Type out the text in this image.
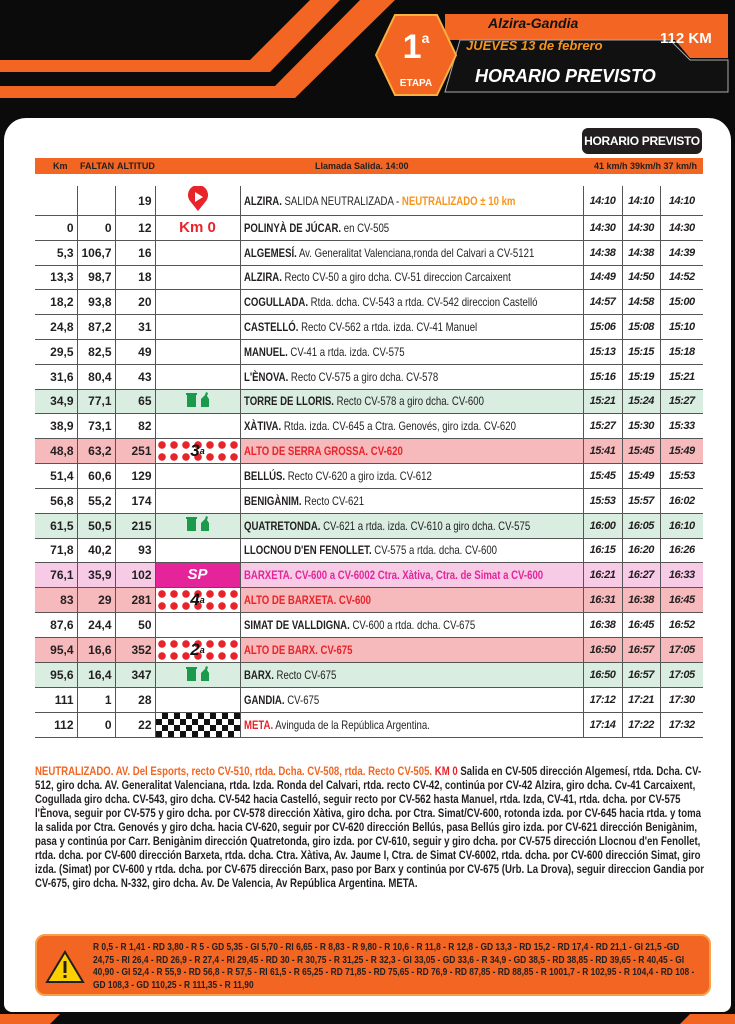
1$^a$
ETAPA
Alzira-Gandia
JUEVES 13 de febrero	112 KM
HORARIO PREVISTO
HORARIO PREVISTO
Km FALTAN ALTITUD	Llamada Salida. 14:00	41 km/h 39km/h 37 km/h
		19		ALZIRA. SALIDA NEUTRALIZADA - NEUTRALIZADO ± 10 km	14:10	14:10	14:10
0	0	12	Km 0	POLINYÀ DE JÚCAR. en CV-505	14:30	14:30	14:30
5,3	106,7	16		ALGEMESÍ. Av. Generalitat Valenciana,ronda del Calvari a CV-5121	14:38	14:38	14:39
13,3	98,7	18		ALZIRA. Recto CV-50 a giro dcha. CV-51 direccion Carcaixent	14:49	14:50	14:52
18,2	93,8	20		COGULLADA. Rtda. dcha. CV-543 a rtda. CV-542 direccion Castelló	14:57	14:58	15:00
24,8	87,2	31		CASTELLÓ. Recto CV-562 a rtda. izda. CV-41 Manuel	15:06	15:08	15:10
29,5	82,5	49		MANUEL. CV-41 a rtda. izda. CV-575	15:13	15:15	15:18
31,6	80,4	43		L'ÈNOVA. Recto CV-575 a giro dcha. CV-578	15:16	15:19	15:21
34,9	77,1	65		TORRE DE LLORIS. Recto CV-578 a giro dcha. CV-600	15:21	15:24	15:27
38,9	73,1	82		XÀTIVA. Rtda. izda. CV-645 a Ctra. Genovés, giro izda. CV-620	15:27	15:30	15:33
48,8	63,2	251	3 a	ALTO DE SERRA GROSSA. CV-620	15:41	15:45	15:49
51,4	60,6	129		BELLÚS. Recto CV-620 a giro izda. CV-612	15:45	15:49	15:53
56,8	55,2	174		BENIGÀNIM. Recto CV-621	15:53	15:57	16:02
61,5	50,5	215		QUATRETONDA. CV-621 a rtda. izda. CV-610 a giro dcha. CV-575	16:00	16:05	16:10
71,8	40,2	93		LLOCNOU D'EN FENOLLET. CV-575 a rtda. dcha. CV-600	16:15	16:20	16:26
76,1	35,9	102	SP	BARXETA. CV-600 a CV-6002 Ctra. Xàtiva, Ctra. de Simat a CV-600	16:21	16:27	16:33
83	29	281	4 a	ALTO DE BARXETA. CV-600	16:31	16:38	16:45
87,6	24,4	50		SIMAT DE VALLDIGNA. CV-600 a rtda. dcha. CV-675	16:38	16:45	16:52
95,4	16,6	352	2 a	ALTO DE BARX. CV-675	16:50	16:57	17:05
95,6	16,4	347		BARX. Recto CV-675	16:50	16:57	17:05
111	1	28		GANDIA. CV-675	17:12	17:21	17:30
112	0	22		META. Avinguda de la República Argentina.	17:14	17:22	17:32
NEUTRALIZADO. AV. Del Esports, recto CV-510, rtda. Dcha. CV-508, rtda. Recto CV-505. KM 0 Salida en CV-505 dirección Algemesí, rtda. Dcha. CV-512, giro dcha. AV. Generalitat Valenciana, rtda. Izda. Ronda del Calvari, rtda. recto CV-42, continúa por CV-42 Alzira, giro dcha. Cv-41 Carcaixent, Cogullada giro dcha. CV-543, giro dcha. CV-542 hacia Castelló, seguir recto por CV-562 hasta Manuel, rtda. Izda, CV-41, rtda. dcha. por CV-575 l'Ènova, seguir por CV-575 y giro dcha. por CV-578 dirección Xàtiva, giro dcha. por Ctra. Simat/CV-600, rotonda izda. por CV-645 hacia rtda. y toma la salida por Ctra. Genovés y giro dcha. hacia CV-620, seguir por CV-620 dirección Bellús, pasa Bellús giro izda. por CV-621 dirección Benigànim, pasa y continúa por Carr. Benigànim dirección Quatretonda, giro izda. por CV-610, seguir y giro dcha. por CV-575 dirección Llocnou d'en Fenollet, rtda. dcha. por CV-600 dirección Barxeta, rtda. dcha. Ctra. Xàtiva, Av. Jaume I, Ctra. de Simat CV-6002, rtda. dcha. por CV-600 dirección Simat, giro izda. (Simat) por CV-600 y rtda. dcha. por CV-675 dirección Barx, paso por Barx y continúa por CV-675 (Urb. La Drova), seguir direccion Gandia por CV-675, giro dcha. N-332, giro dcha. Av. De Valencia, Av República Argentina. META.
R 0,5 - R 1,41 - RD 3,80 - R 5 - GD 5,35 - GI 5,70 - RI 6,65 - R 8,83 - R 9,80 - R 10,6 - R 11,8 - R 12,8 - GD 13,3 - RD 15,2 - RD 17,4 - RD 21,1 - GI 21,5 -GD 24,75 - RI 26,4 - RD 26,9 - R 27,4 - RI 29,45 - RD 30 - R 30,75 - R 31,25 - R 32,3 - GI 33,05 - GD 33,6 - R 34,9 - GD 38,5 - RD 38,85 - RD 39,65 - R 40,45 - GI 40,90 - GI 52,4 - R 55,9 - RD 56,8 - R 57,5 - RI 61,5 - R 65,25 - RD 71,85 - RD 75,65 - RD 76,9 - RD 87,85 - RD 88,85 - R 1001,7 - R 102,95 - R 104,4 - RD 108 - GD 108,3 - GD 110,25 - R 111,35 - R 11,90
